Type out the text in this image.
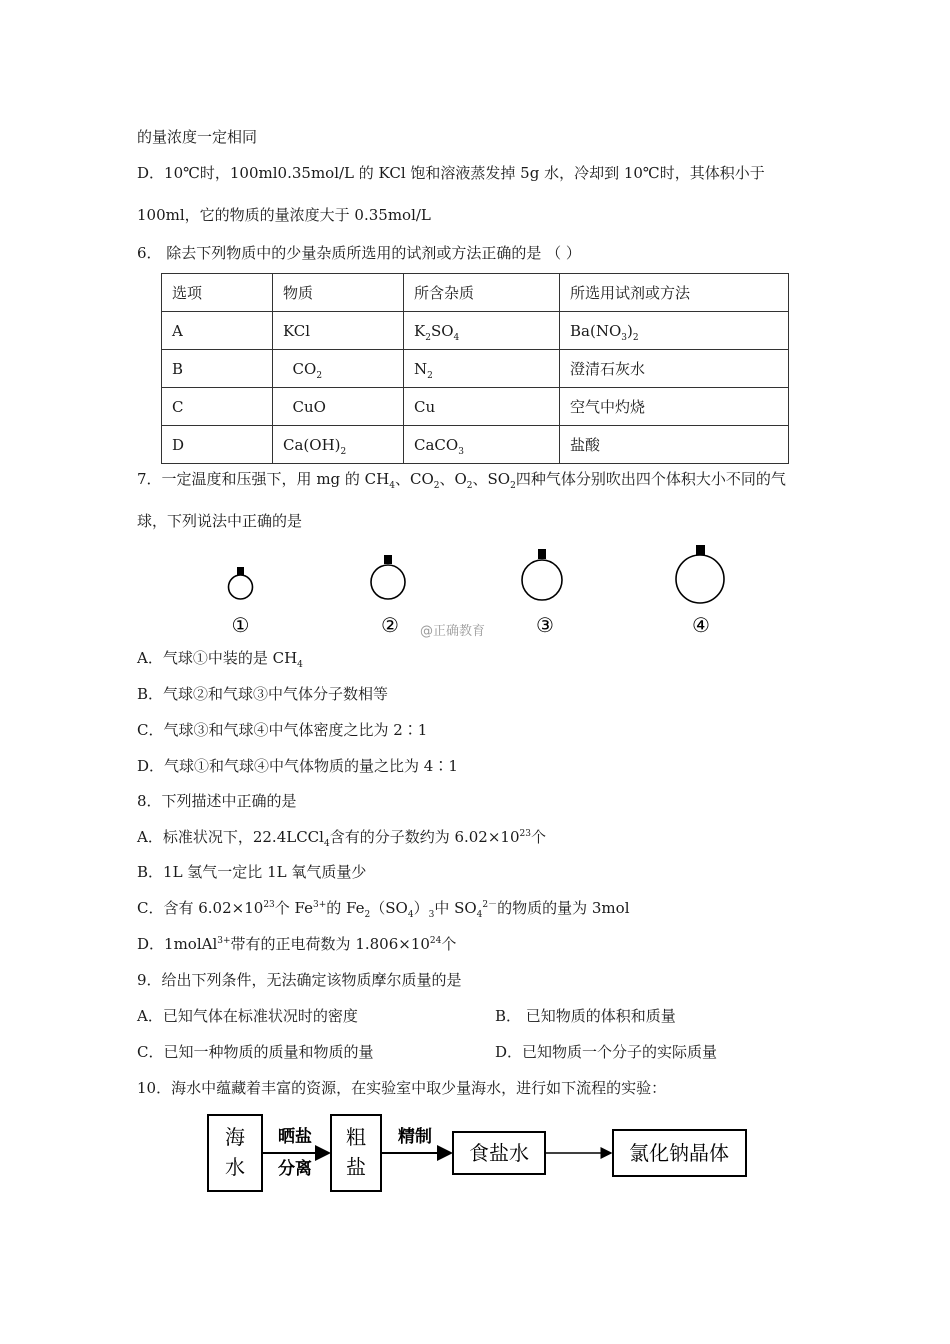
的量浓度一定相同
D．10℃时，100ml0.35mol/L 的 KCl 饱和溶液蒸发掉 5g 水，冷却到 10℃时，其体积小于
100ml，它的物质的量浓度大于 0.35mol/L
6． 除去下列物质中的少量杂质所选用的试剂或方法正确的是 （ ）
选项	物质	所含杂质	所选用试剂或方法
A	KCl	$K_2SO_4$	$Ba(NO_3)_2$
B	$CO_2$	$N_2$	澄清石灰水
C	CuO	Cu	空气中灼烧
D	$Ca(OH)_2$	CaCO$_3$	盐酸
7．一定温度和压强下，用 mg 的 $CH_4$、$CO_2$、$O_2$、$SO_2$四种气体分别吹出四个体积大小不同的气
球，下列说法中正确的是
①	②	③	④
@正确教育
A．气球①中装的是 $CH_4$
B．气球②和气球③中气体分子数相等
C．气球③和气球④中气体密度之比为 2∶1
D．气球①和气球④中气体物质的量之比为 4∶1
8．下列描述中正确的是
A．标准状况下，22.4LCCl$_4$含有的分子数约为 $6.02\times 10^{23}$个
B．1L 氢气一定比 1L 氧气质量少
C．含有 $6.02\times 10^{23}$个 $Fe^{3+}$的 $Fe_2(SO_4)_3$中 $SO_4^{2-}$的物质的量为 3mol
D．1molAl$^{3+}$带有的正电荷数为 $1.806\times 10^{24}$个
9．给出下列条件，无法确定该物质摩尔质量的是
A．已知气体在标准状况时的密度	B． 已知物质的体积和质量
C．已知一种物质的质量和物质的量	D．已知物质一个分子的实际质量
10．海水中蕴藏着丰富的资源，在实验室中取少量海水，进行如下流程的实验：
海
水
晒盐
分离
粗
盐
精制
食盐水	氯化钠晶体
